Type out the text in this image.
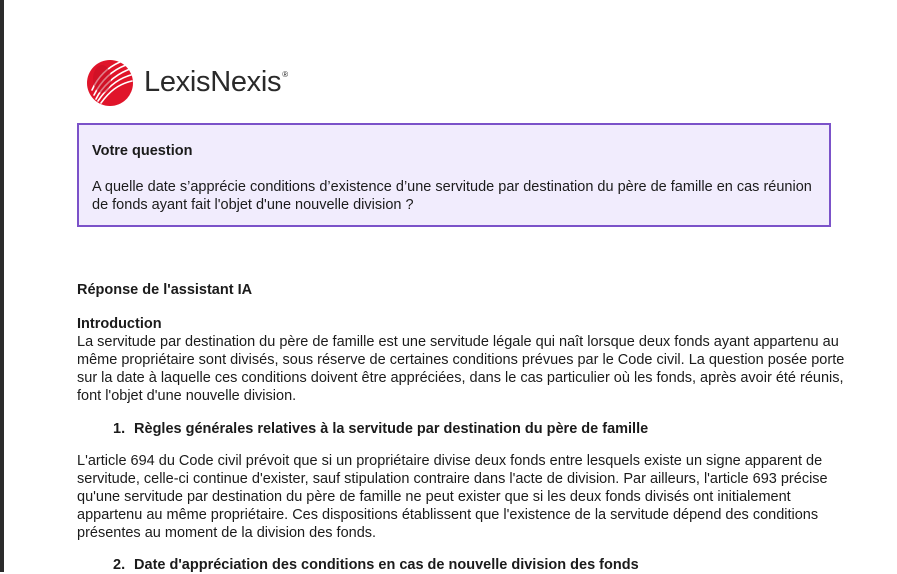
LexisNexis®
Votre question
A quelle date s’apprécie conditions d’existence d’une servitude par destination du père de famille en cas réunion de fonds ayant fait l'objet d'une nouvelle division ?

Réponse de l'assistant IA

Introduction

La servitude par destination du père de famille est une servitude légale qui naît lorsque deux fonds ayant appartenu au même propriétaire sont divisés, sous réserve de certaines conditions prévues par le Code civil. La question posée porte sur la date à laquelle ces conditions doivent être appréciées, dans le cas particulier où les fonds, après avoir été réunis, font l'objet d'une nouvelle division.

1. Règles générales relatives à la servitude par destination du père de famille

L'article 694 du Code civil prévoit que si un propriétaire divise deux fonds entre lesquels existe un signe apparent de servitude, celle-ci continue d'exister, sauf stipulation contraire dans l'acte de division. Par ailleurs, l'article 693 précise qu'une servitude par destination du père de famille ne peut exister que si les deux fonds divisés ont initialement appartenu au même propriétaire. Ces dispositions établissent que l'existence de la servitude dépend des conditions présentes au moment de la division des fonds.

2. Date d'appréciation des conditions en cas de nouvelle division des fonds
